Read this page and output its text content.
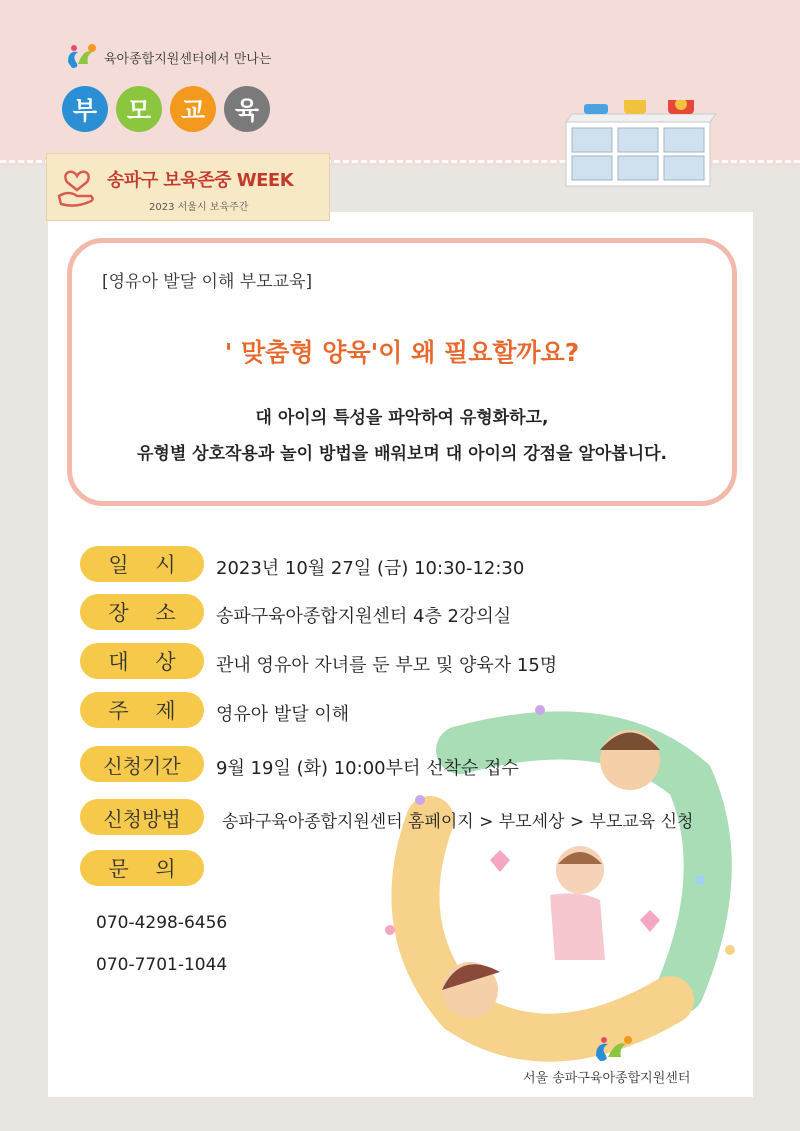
육아종합지원센터에서 만나는
부	모	교	육
송파구 보육존중 WEEK
2023 서울시 보육주간
[영유아 발달 이해 부모교육]
' 맞춤형 양육'이 왜 필요할까요?
대 아이의 특성을 파악하여 유형화하고,
유형별 상호작용과 놀이 방법을 배워보며 대 아이의 강점을 알아봅니다.
일 시	2023년 10월 27일 (금) 10:30-12:30
장 소	송파구육아종합지원센터 4층 2강의실
대 상	관내 영유아 자녀를 둔 부모 및 양육자 15명
주 제	영유아 발달 이해
신청기간	9월 19일 (화) 10:00부터 선착순 접수
신청방법	송파구육아종합지원센터 홈페이지 > 부모세상 > 부모교육 신청
문 의
070-4298-6456
070-7701-1044
서울 송파구육아종합지원센터
